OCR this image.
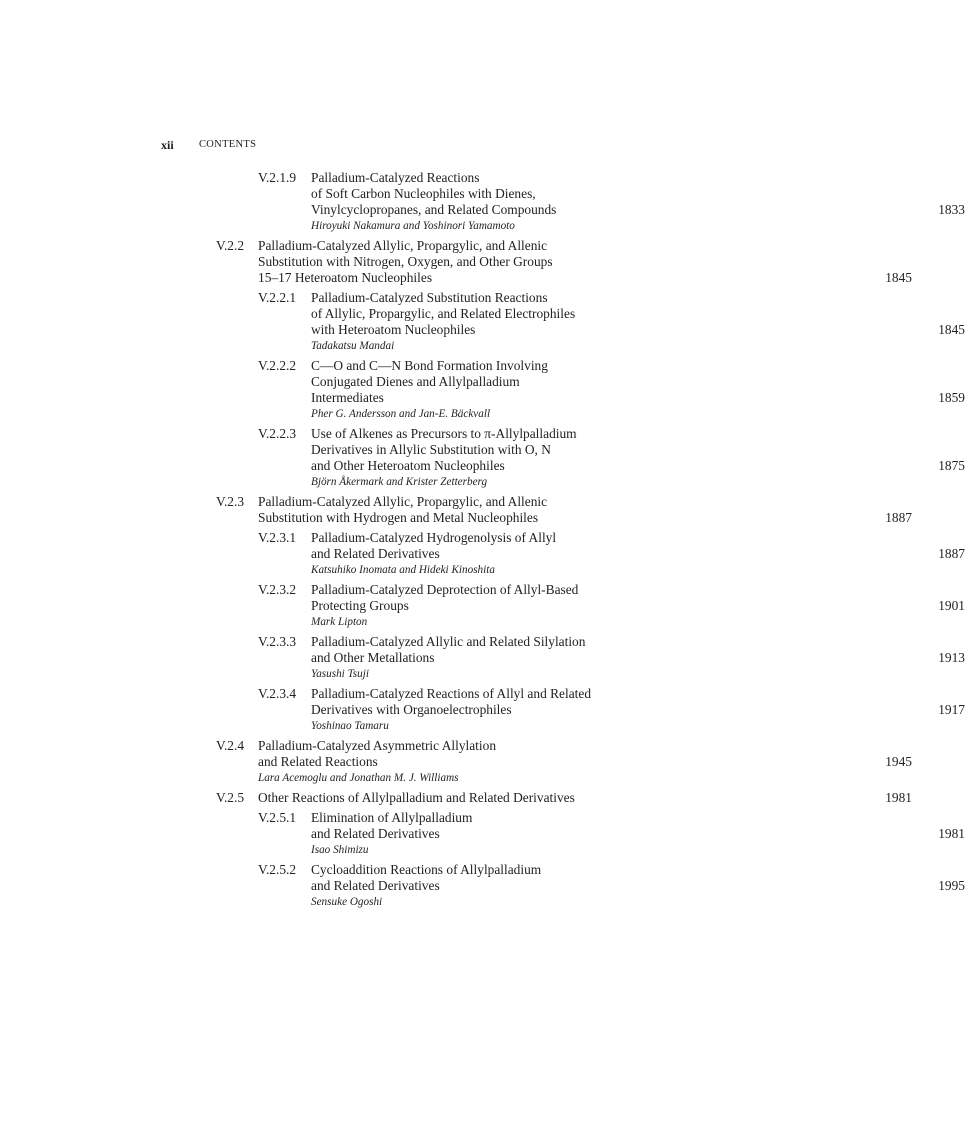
xii CONTENTS
V.2.1.9 Palladium-Catalyzed Reactions
of Soft Carbon Nucleophiles with Dienes,
Vinylcyclopropanes, and Related Compounds	1833
Hiroyuki Nakamura and Yoshinori Yamamoto
V.2.2 Palladium-Catalyzed Allylic, Propargylic, and Allenic
Substitution with Nitrogen, Oxygen, and Other Groups
15–17 Heteroatom Nucleophiles	1845
V.2.2.1 Palladium-Catalyzed Substitution Reactions
of Allylic, Propargylic, and Related Electrophiles
with Heteroatom Nucleophiles	1845
Tadakatsu Mandai
V.2.2.2 C—O and C—N Bond Formation Involving
Conjugated Dienes and Allylpalladium
Intermediates	1859
Pher G. Andersson and Jan-E. Bäckvall
V.2.2.3 Use of Alkenes as Precursors to π-Allylpalladium
Derivatives in Allylic Substitution with O, N
and Other Heteroatom Nucleophiles	1875
Björn Åkermark and Krister Zetterberg
V.2.3 Palladium-Catalyzed Allylic, Propargylic, and Allenic
Substitution with Hydrogen and Metal Nucleophiles	1887
V.2.3.1 Palladium-Catalyzed Hydrogenolysis of Allyl
and Related Derivatives	1887
Katsuhiko Inomata and Hideki Kinoshita
V.2.3.2 Palladium-Catalyzed Deprotection of Allyl-Based
Protecting Groups	1901
Mark Lipton
V.2.3.3 Palladium-Catalyzed Allylic and Related Silylation
and Other Metallations	1913
Yasushi Tsuji
V.2.3.4 Palladium-Catalyzed Reactions of Allyl and Related
Derivatives with Organoelectrophiles	1917
Yoshinao Tamaru
V.2.4 Palladium-Catalyzed Asymmetric Allylation
and Related Reactions	1945
Lara Acemoglu and Jonathan M. J. Williams
V.2.5 Other Reactions of Allylpalladium and Related Derivatives	1981
V.2.5.1 Elimination of Allylpalladium
and Related Derivatives	1981
Isao Shimizu
V.2.5.2 Cycloaddition Reactions of Allylpalladium
and Related Derivatives	1995
Sensuke Ogoshi
